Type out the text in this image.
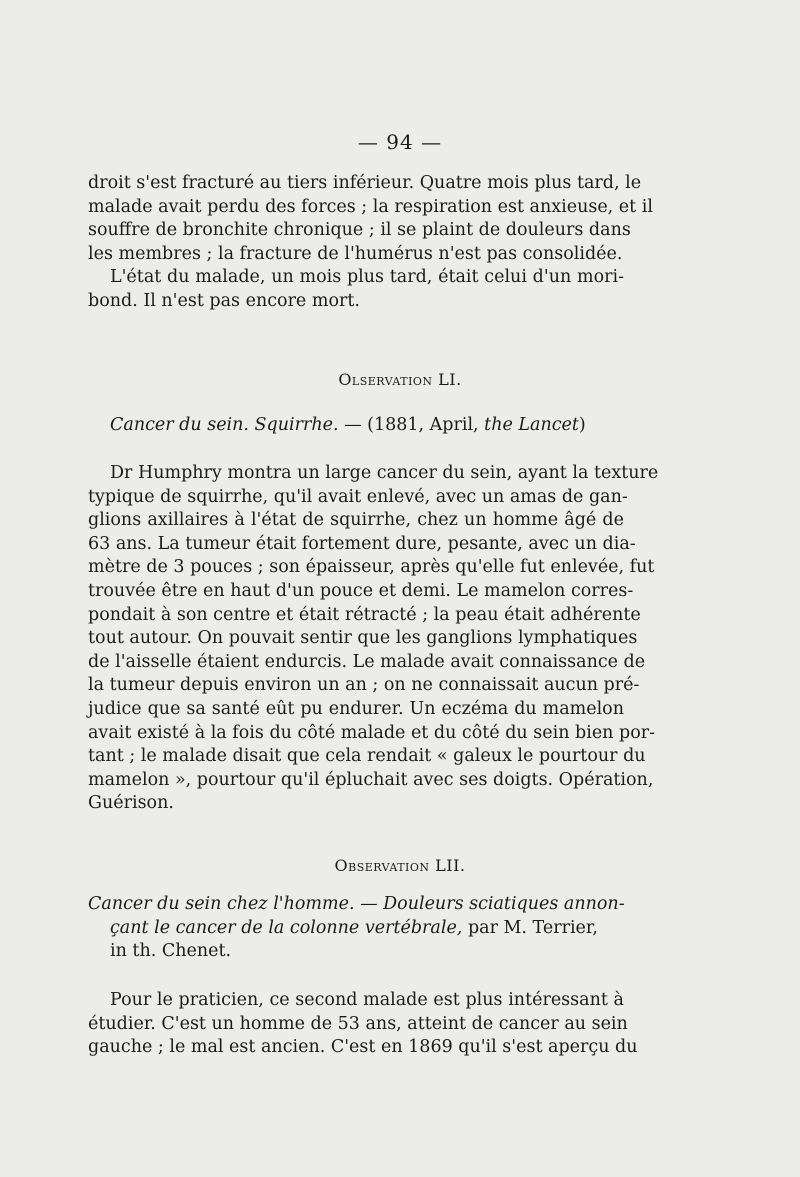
— 94 —
droit s'est fracturé au tiers inférieur. Quatre mois plus tard, le
malade avait perdu des forces ; la respiration est anxieuse, et il
souffre de bronchite chronique ; il se plaint de douleurs dans
les membres ; la fracture de l'humérus n'est pas consolidée.
L'état du malade, un mois plus tard, était celui d'un mori-
bond. Il n'est pas encore mort.
Olservation LI.
Cancer du sein. Squirrhe. — (1881, April, the Lancet)
Dr Humphry montra un large cancer du sein, ayant la texture
typique de squirrhe, qu'il avait enlevé, avec un amas de gan-
glions axillaires à l'état de squirrhe, chez un homme âgé de
63 ans. La tumeur était fortement dure, pesante, avec un dia-
mètre de 3 pouces ; son épaisseur, après qu'elle fut enlevée, fut
trouvée être en haut d'un pouce et demi. Le mamelon corres-
pondait à son centre et était rétracté ; la peau était adhérente
tout autour. On pouvait sentir que les ganglions lymphatiques
de l'aisselle étaient endurcis. Le malade avait connaissance de
la tumeur depuis environ un an ; on ne connaissait aucun pré-
judice que sa santé eût pu endurer. Un eczéma du mamelon
avait existé à la fois du côté malade et du côté du sein bien por-
tant ; le malade disait que cela rendait « galeux le pourtour du
mamelon », pourtour qu'il épluchait avec ses doigts. Opération,
Guérison.
Observation LII.
Cancer du sein chez l'homme. — Douleurs sciatiques annon-
çant le cancer de la colonne vertébrale, par M. Terrier,
in th. Chenet.
Pour le praticien, ce second malade est plus intéressant à
étudier. C'est un homme de 53 ans, atteint de cancer au sein
gauche ; le mal est ancien. C'est en 1869 qu'il s'est aperçu du
